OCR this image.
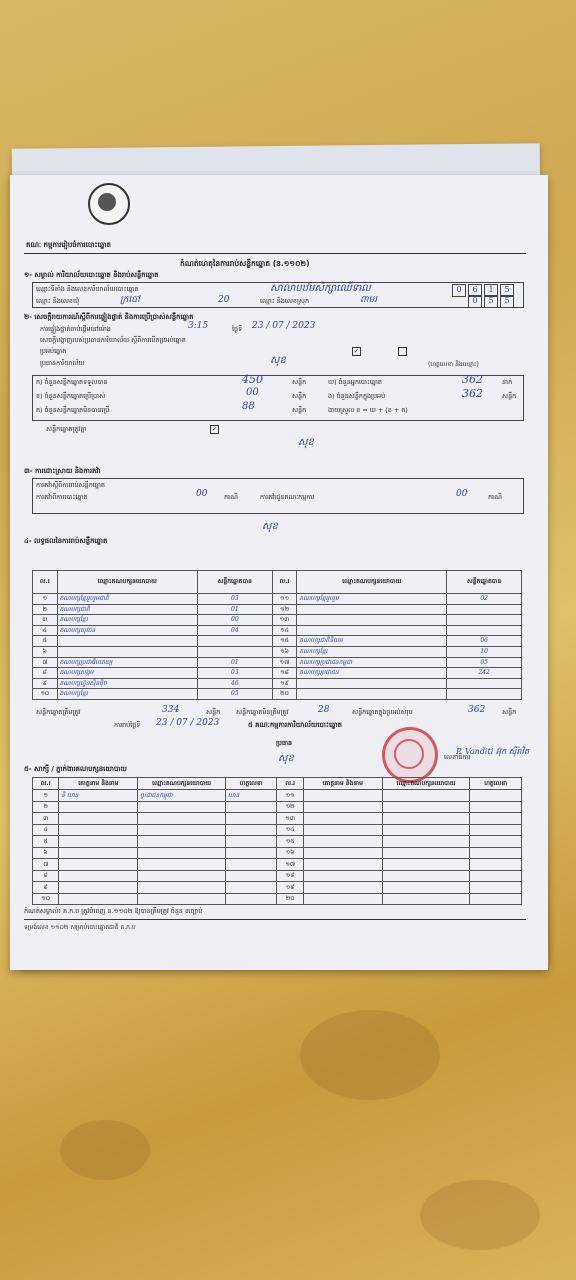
គណៈ កម្មការរៀបចំការបោះឆ្នោត
កំណត់ហេតុនៃការរាប់សន្លឹកឆ្នោត (ន.១១០២)
១- សម្គាល់ ការិយាល័យបោះឆ្នោត និងរាប់សន្លឹកឆ្នោត
ឈ្មោះទីតាំង និងលេខការិយាល័យបោះឆ្នោត	សាលាបឋមសិក្សាឈើទាល	0	6	1	5
ឈ្មោះ និងលេខឃុំ	ក្របៅ	20	ឈ្មោះ និងលេខស្រុក	ពាមរ	0	5	5
២- សេចក្តីរាយការណ៍ស្តីពីការផ្ទៀងផ្ទាត់ និងការប្រើប្រាស់សន្លឹកឆ្នោត
ការផ្ទៀងផ្ទាត់ចាប់ផ្តើមនៅម៉ោង	3:15	ថ្ងៃទី 23 / 07 / 2023
សេចក្តីបង្ហាញរបស់ប្រធានការិយាល័យ ស្តីពីការបើកប្រអប់ឆ្នោត
ប្រអប់ឆ្នោត	✓
ប្រធានការិយាល័យ	សុខ	(ហត្ថលេខា និងឈ្មោះ)
ក) ចំនួនសន្លឹកឆ្នោតទទួលបាន	450	សន្លឹក
ខ) ចំនួនសន្លឹកឆ្នោតប្រើប្រាស់	00	សន្លឹក
គ) ចំនួនសន្លឹកឆ្នោតមិនបានប្រើ	88	សន្លឹក
ឃ) ចំនួនអ្នកបោះឆ្នោត	362	នាក់
ង) ចំនួនសន្លឹកក្នុងប្រអប់	362	សន្លឹក
ងាយស្រួល ខ = ឃ + (ខ + គ)
សន្លឹកឆ្នោតត្រូវគ្នា	✓
សុខ
៣- ការដោះស្រាយ និងការតវ៉ា
ការតវ៉ាស្តីពីការរាប់សន្លឹកឆ្នោត
ការតវ៉ាពីការបោះឆ្នោត	00	ករណី	ការតវ៉ាជូនគណៈកម្មការ	00	ករណី
សុខ
៤- លទ្ធផលនៃការរាប់សន្លឹកឆ្នោត
ល.រ	ឈ្មោះគណបក្សនយោបាយ	សន្លឹកឆ្នោតបាន	ល.រ	ឈ្មោះគណបក្សនយោបាយ	សន្លឹកឆ្នោតបាន
១	គណបក្សខ្មែររួបរួមជាតិ	03	១១	គណបក្សខ្មែររួបរួម	02
២	គណបក្សជាតិ	01	១២		
៣	គណបក្សខ្មែរ	00	១៣		
៤	គណបក្សយុវជន	04	១៤		
៥			១៥	គណបក្សជាតិនិយម	06
៦			១៦	គណបក្សខ្មែរ	10
៧	គណបក្សប្រជាធិបតេយ្យ	01	១៧	គណបក្សប្រជាជនកម្ពុជា	05
៨	គណបក្សសង្គម	03	១៨	គណបក្សប្រជាជន	242
៩	គណបក្សហ្វ៊ុនស៊ិនប៉ិច	46	១៩		
១០	គណបក្សខ្មែរ	05	២០		
សន្លឹកឆ្នោតត្រឹមត្រូវ	334	សន្លឹក សន្លឹកឆ្នោតមិនត្រឹមត្រូវ	28	សន្លឹកឆ្នោតក្នុងប្រអប់សរុប	362	សន្លឹក
ការរាប់ថ្ងៃទី 23 / 07 / 2023	៥ គណៈកម្មការការិយាល័យបោះឆ្នោត
ប្រធាន
សុខ	លេខាធិការ
P. Vanditi អ៊ុក ស៊ីរ៉ាវិត
៥- សាក្សី / ភ្នាក់ងារគណបក្សនយោបាយ
ល.រ	គោត្តនាម និងនាម	ឈ្មោះគណបក្សនយោបាយ	ហត្ថលេខា	ល.រ	គោត្តនាម និងនាម	ឈ្មោះគណបក្សនយោបាយ	ហត្ថលេខា
១	ទិ ឃាន	ប្រជាជនកម្ពុជា	ឃាន	១១			
២				១២			
៣				១៣			
៤				១៤			
៥				១៥			
៦				១៦			
៧				១៧			
៨				១៨			
៩				១៩			
១០				២០			
កំណត់សម្គាល់៖ គ.ក.ប ត្រូវបំពេញ ន.១១០២ ឱ្យបានត្រឹមត្រូវ ចំនួន ៣ច្បាប់
ទម្រង់លេខ ១១០២ សម្រាប់បោះឆ្នោតជាតិ គ.ក.ប
